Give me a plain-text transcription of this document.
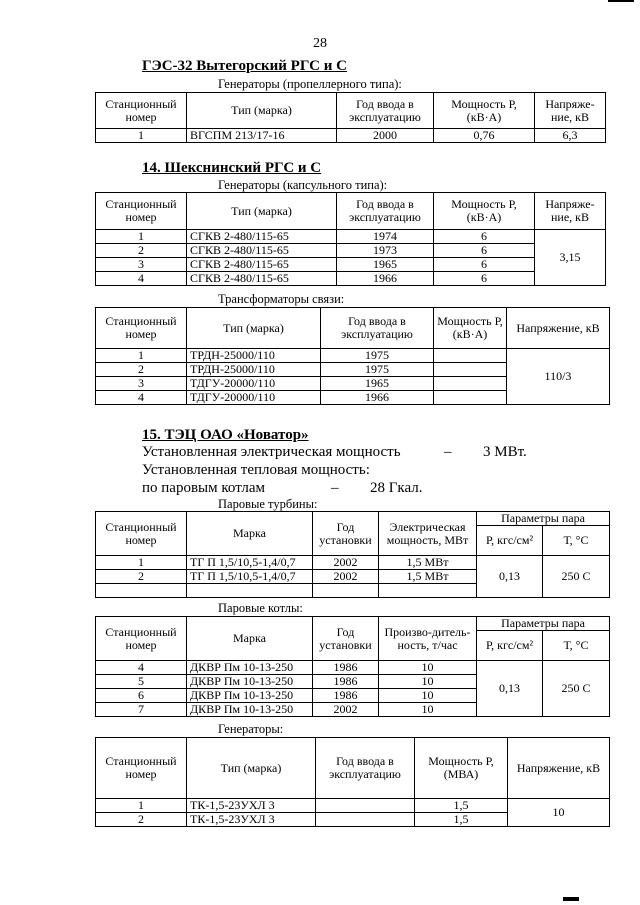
28
ГЭС-32 Вытегорский РГС и С
Генераторы (пропеллерного типа):
Станционный номер	Тип (марка)	Год ввода в эксплуатацию	Мощность Р, (кВ·А)	Напряже-ние, кВ
1	ВГСПМ 213/17-16	2000	0,76	6,3
14. Шекснинский РГС и С
Генераторы (капсульного типа):
Станционный номер	Тип (марка)	Год ввода в эксплуатацию	Мощность Р, (кВ·А)	Напряже-ние, кВ
1	СГКВ 2-480/115-65	1974	6	3,15
2	СГКВ 2-480/115-65	1973	6	
3	СГКВ 2-480/115-65	1965	6	
4	СГКВ 2-480/115-65	1966	6	
Трансформаторы связи:
Станционный номер	Тип (марка)	Год ввода в эксплуатацию	Мощность Р, (кВ·А)	Напряжение, кВ
1	ТРДН-25000/110	1975		110/3
2	ТРДН-25000/110	1975		
3	ТДГУ-20000/110	1965		
4	ТДГУ-20000/110	1966		
15. ТЭЦ ОАО «Новатор»
Установленная электрическая мощность	– 3 МВт.
Установленная тепловая мощность:
по паровым котлам	– 28 Гкал.
Паровые турбины:
Станционный номер	Марка	Год установки	Электрическая мощность, МВт	Параметры пара	
				Р, кгс/см²	Т, °С
1	ТГ П 1,5/10,5-1,4/0,7	2002	1,5 МВт	0,13	250 С
2	ТГ П 1,5/10,5-1,4/0,7	2002	1,5 МВт		

Паровые котлы:
Станционный номер	Марка	Год установки	Произво-дитель-ность, т/час	Параметры пара	
				Р, кгс/см²	Т, °С
4	ДКВР Пм 10-13-250	1986	10	0,13	250 С
5	ДКВР Пм 10-13-250	1986	10		
6	ДКВР Пм 10-13-250	1986	10		
7	ДКВР Пм 10-13-250	2002	10		
Генераторы:
Станционный номер	Тип (марка)	Год ввода в эксплуатацию	Мощность Р, (МВА)	Напряжение, кВ
1	ТК-1,5-23УХЛ 3		1,5	10
2	ТК-1,5-23УХЛ 3		1,5	
